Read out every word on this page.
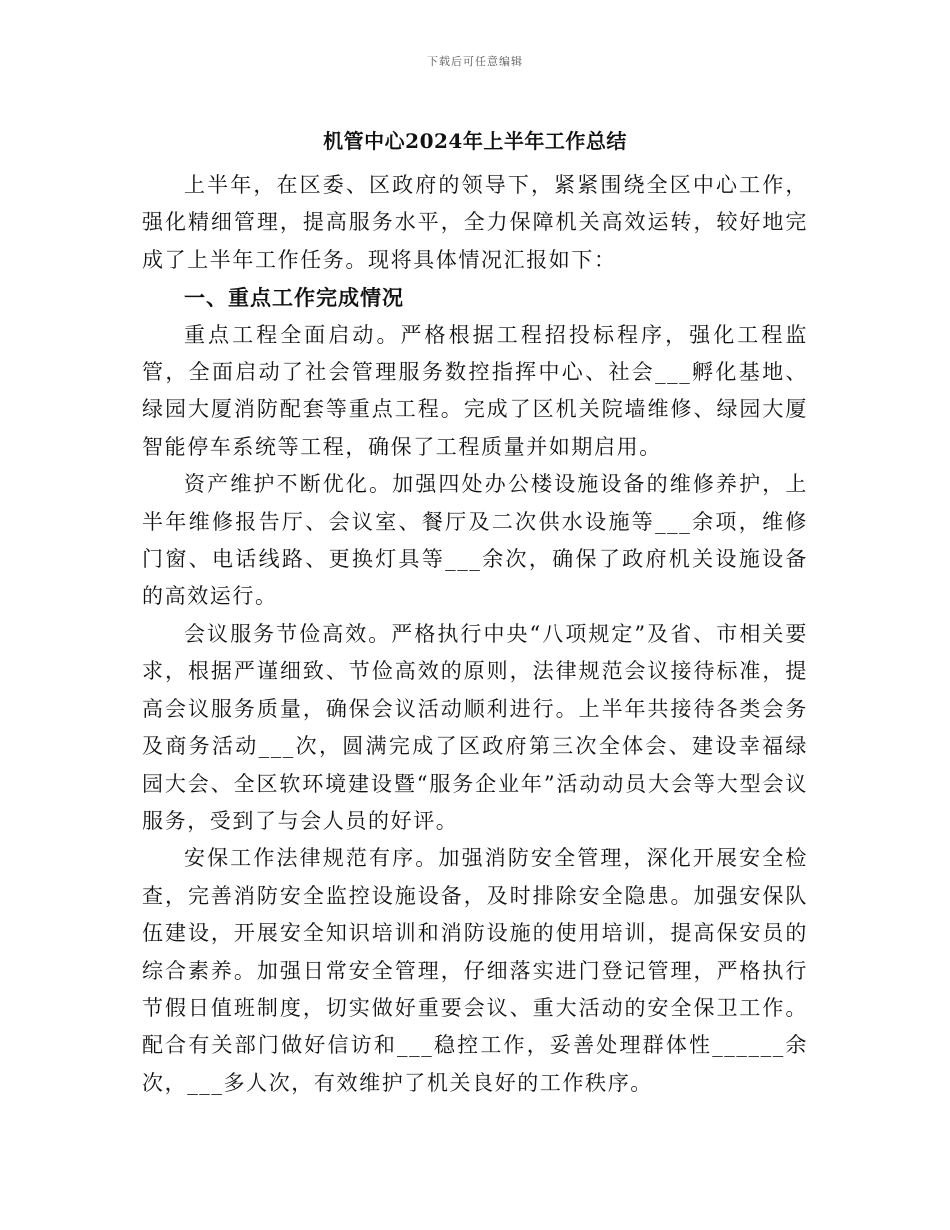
下载后可任意编辑
机管中心2024年上半年工作总结

上半年，在区委、区政府的领导下，紧紧围绕全区中心工作，强化精细管理，提高服务水平，全力保障机关高效运转，较好地完成了上半年工作任务。现将具体情况汇报如下：

一、重点工作完成情况

重点工程全面启动。严格根据工程招投标程序，强化工程监管，全面启动了社会管理服务数控指挥中心、社会___孵化基地、绿园大厦消防配套等重点工程。完成了区机关院墙维修、绿园大厦智能停车系统等工程，确保了工程质量并如期启用。

资产维护不断优化。加强四处办公楼设施设备的维修养护，上半年维修报告厅、会议室、餐厅及二次供水设施等___余项，维修门窗、电话线路、更换灯具等___余次，确保了政府机关设施设备的高效运行。

会议服务节俭高效。严格执行中央“八项规定”及省、市相关要求，根据严谨细致、节俭高效的原则，法律规范会议接待标准，提高会议服务质量，确保会议活动顺利进行。上半年共接待各类会务及商务活动___次，圆满完成了区政府第三次全体会、建设幸福绿园大会、全区软环境建设暨“服务企业年”活动动员大会等大型会议服务，受到了与会人员的好评。

安保工作法律规范有序。加强消防安全管理，深化开展安全检查，完善消防安全监控设施设备，及时排除安全隐患。加强安保队伍建设，开展安全知识培训和消防设施的使用培训，提高保安员的综合素养。加强日常安全管理，仔细落实进门登记管理，严格执行节假日值班制度，切实做好重要会议、重大活动的安全保卫工作。配合有关部门做好信访和___稳控工作，妥善处理群体性______余次，___多人次，有效维护了机关良好的工作秩序。
